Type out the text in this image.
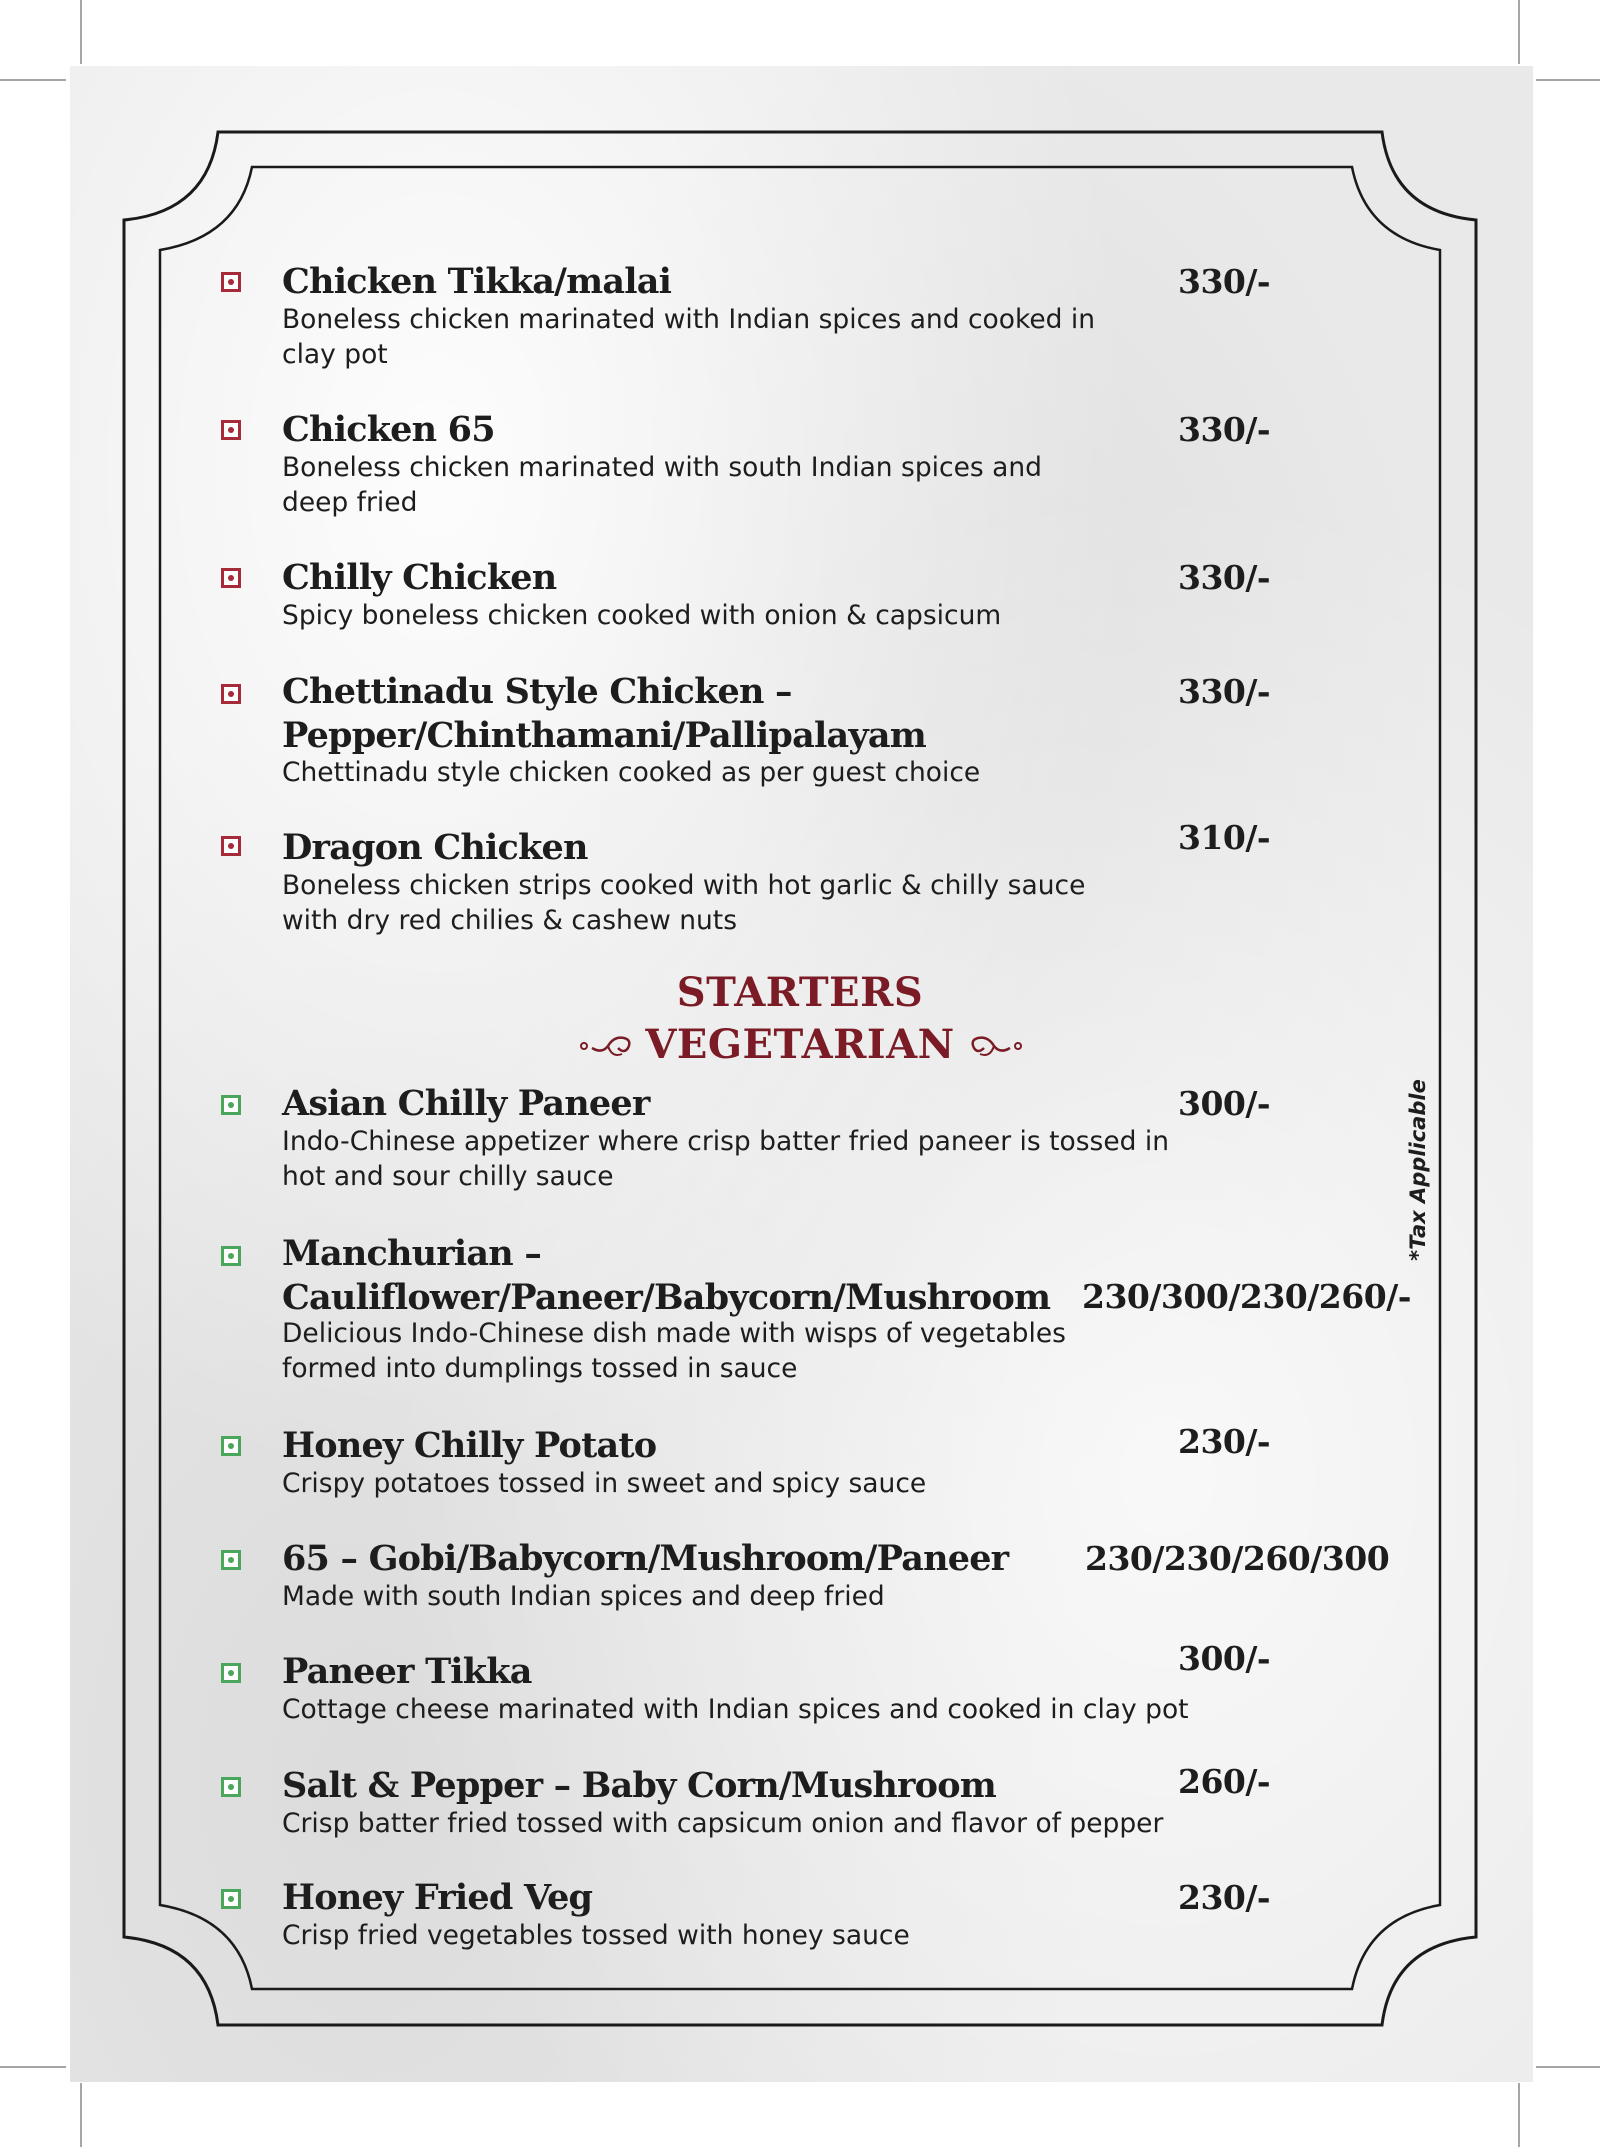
Chicken Tikka/malai

Boneless chicken marinated with Indian spices and cooked in
clay pot

330/-
Chicken 65

Boneless chicken marinated with south Indian spices and
deep fried

330/-
Chilly Chicken

Spicy boneless chicken cooked with onion & capsicum

330/-
Chettinadu Style Chicken –
Pepper/Chinthamani/Pallipalayam

Chettinadu style chicken cooked as per guest choice

330/-
Dragon Chicken

Boneless chicken strips cooked with hot garlic & chilly sauce
with dry red chilies & cashew nuts

310/-
STARTERS
VEGETARIAN
Asian Chilly Paneer

Indo-Chinese appetizer where crisp batter fried paneer is tossed in
hot and sour chilly sauce

300/-
Manchurian –
Cauliflower/Paneer/Babycorn/Mushroom

Delicious Indo-Chinese dish made with wisps of vegetables
formed into dumplings tossed in sauce

230/300/230/260/-
Honey Chilly Potato

Crispy potatoes tossed in sweet and spicy sauce

230/-
65 – Gobi/Babycorn/Mushroom/Paneer

Made with south Indian spices and deep fried

230/230/260/300
Paneer Tikka

Cottage cheese marinated with Indian spices and cooked in clay pot

300/-
Salt & Pepper – Baby Corn/Mushroom

Crisp batter fried tossed with capsicum onion and flavor of pepper

260/-
Honey Fried Veg

Crisp fried vegetables tossed with honey sauce

230/-
*Tax Applicable
